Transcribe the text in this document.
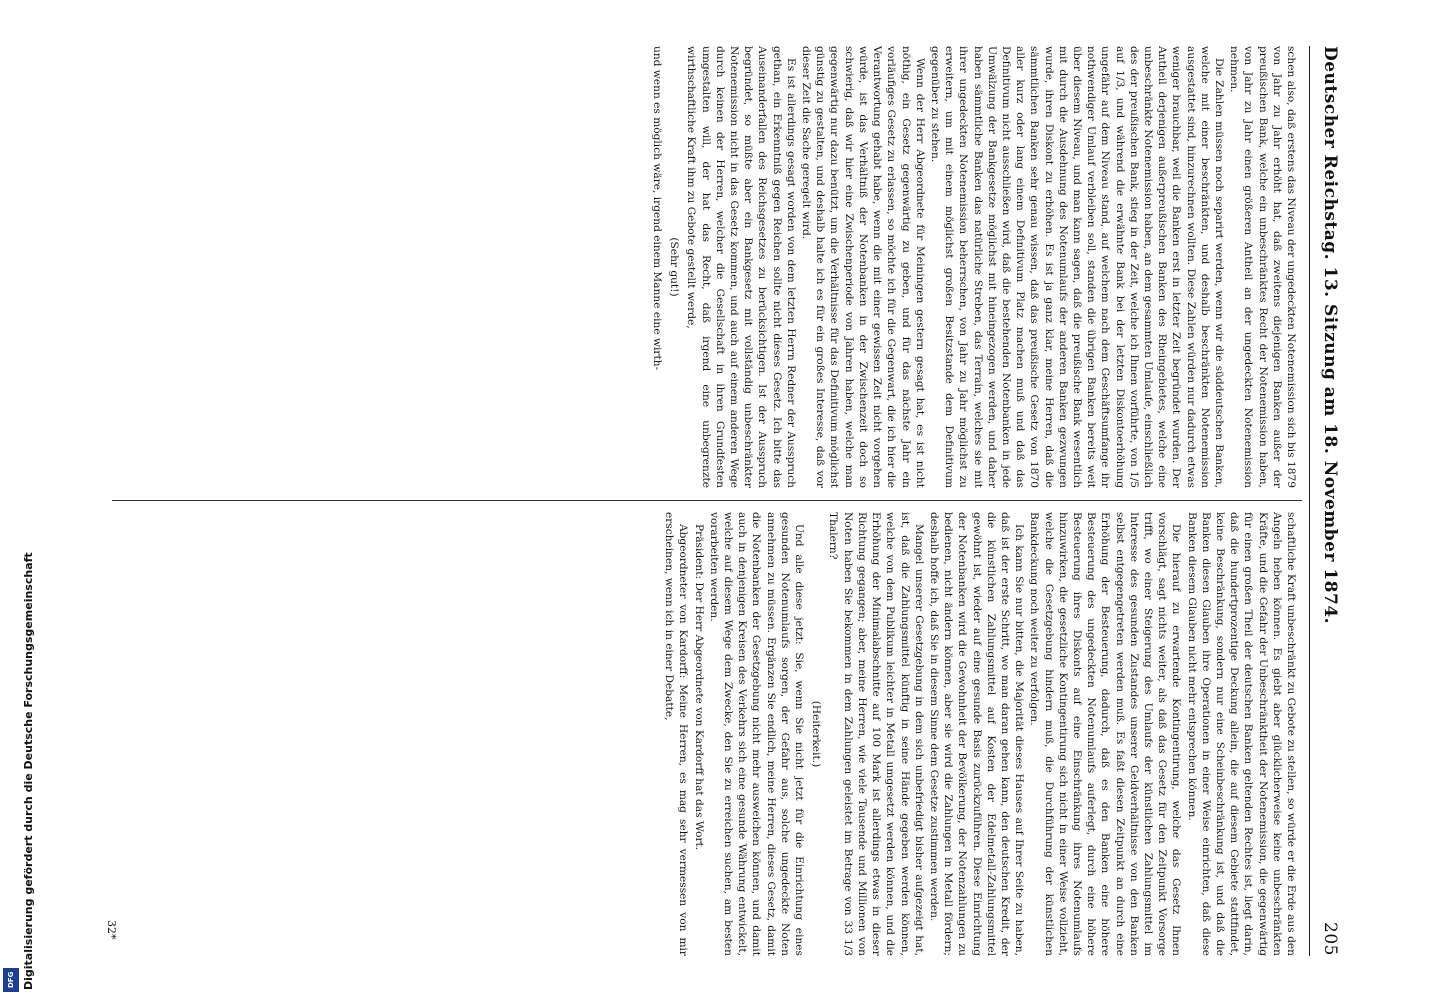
Deutscher Reichstag. 13. Sitzung am 18. November 1874.
205

schen also, daß erstens das Niveau der ungedeckten Notenemission sich bis 1879 von Jahr zu Jahr erhöht hat, daß zweitens diejenigen Banken außer der preußischen Bank, welche ein unbeschränktes Recht der Notenemission haben, von Jahr zu Jahr einen größeren Antheil an der ungedeckten Notenemission nehmen.

Die Zahlen müssen noch separirt werden, wenn wir die süddeutschen Banken, welche mit einer beschränkten, und deshalb beschränkten Notenemission ausgestattet sind, hinzurechnen wollten. Diese Zahlen würden nur dadurch etwas weniger brauchbar, weil die Banken erst in letzter Zeit begründet wurden. Der Antheil derjenigen außerpreußischen Banken des Rheingebietes, welche eine unbeschränkte Notenemission haben, an dem gesammten Umlaufe, einschließlich des der preußischen Bank, stieg in der Zeit, welche ich Ihnen vorführte, von 1/5 auf 1/3, und während die erwähnte Bank bei der letzten Diskontoerhöhung ungefähr auf dem Niveau stand, auf welchem nach dem Geschäftsumfange ihr nothwendiger Umlauf verbleiben soll, standen die übrigen Banken bereits weit über diesem Niveau, und man kann sagen, daß die preußische Bank wesentlich mit durch die Ausdehnung des Notenumlaufs der anderen Banken gezwungen wurde, ihren Diskont zu erhöhen. Es ist ja ganz klar, meine Herren, daß die sämmtlichen Banken sehr genau wissen, daß das preußische Gesetz von 1870 aller kurz oder lang einem Definitivum Platz machen muß und daß das Definitivum nicht ausschließen wird, daß die bestehenden Notenbanken in jede Umwälzung der Bankgesetze möglichst mit hineingezogen werden, und daher haben sämmtliche Banken das natürliche Streben, das Terrain, welches sie mit ihrer ungedeckten Notenemission beherrschen, von Jahr zu Jahr möglichst zu erweitern, um mit einem möglichst großen Besitzstande dem Definitivum gegenüber zu stehen.

Wenn der Herr Abgeordnete für Meiningen gestern gesagt hat, es ist nicht nöthig, ein Gesetz gegenwärtig zu geben, und für das nächste Jahr ein vorläufiges Gesetz zu erlassen, so möchte ich für die Gegenwart, die ich hier die Verantwortung gehabt habe, wenn die mit einer gewissen Zeit nicht vorgehen würde, ist das Verhältniß der Notenbanken in der Zwischenzeit doch so schwierig, daß wir hier eine Zwischenperiode von Jahren haben, welche man gegenwärtig nur dazu benützt, um die Verhältnisse für das Definitivum möglichst günstig zu gestalten, und deshalb halte ich es für ein großes Interesse, daß vor dieser Zeit die Sache geregelt wird.

Es ist allerdings gesagt worden von dem letzten Herrn Redner der Ausspruch gethan, ein Erkenntniß gegen Reichen sollte nicht dieses Gesetz. Ich bitte das Auseinanderfallen des Reichsgesetzes zu berücksichtigen. Ist der Ausspruch begründet, so müßte aber ein Bankgesetz mit vollständig unbeschränkter Notenemission nicht in das Gesetz kommen, und auch auf einem anderen Wege durch keinen der Herren, welcher die Gesellschaft in ihren Grundfesten umgestalten will, der hat das Recht, daß irgend eine unbegrenzte wirthschaftliche Kraft ihm zu Gebote gestellt werde,

(Sehr gut!)

und wenn es möglich wäre, irgend einem Manne eine wirth-

schaftliche Kraft unbeschränkt zu Gebote zu stellen, so würde er die Erde aus den Angeln heben können. Es giebt aber glücklicherweise keine unbeschränkten Kräfte, und die Gefahr der Unbeschränktheit der Notenemission, die gegenwärtig für einen großen Theil der deutschen Banken geltenden Rechtes ist, liegt darin, daß die hundertprozentige Deckung allein, die auf diesem Gebiete stattfindet, keine Beschränkung, sondern nur eine Scheinbeschränkung ist, und daß die Banken diesen Glauben ihre Operationen in einer Weise einrichten, daß diese Banken diesem Glauben nicht mehr entsprechen können.

Die hierauf zu erwartende Kontingentirung, welche das Gesetz Ihnen vorschlägt, sagt nichts weiter, als daß das Gesetz für den Zeitpunkt Vorsorge trifft, wo einer Steigerung des Umlaufs der künstlichen Zahlungsmittel im Interesse des gesunden Zustandes unserer Geldverhältnisse von den Banken selbst entgegengetreten werden muß. Es faßt diesen Zeitpunkt an durch eine Erhöhung der Besteuerung, dadurch, daß es den Banken eine höhere Besteuerung des ungedeckten Notenumlaufs auferlegt, durch eine höhere Besteuerung ihres Diskonts auf eine Einschränkung ihres Notenumlaufs hinzuwirken, die gesetzliche Kontingentirung sich nicht in einer Weise vollzieht, welche die Gesetzgebung hindern muß, die Durchführung der künstlichen Bankdeckung noch weiter zu verfolgen.

Ich kann Sie nur bitten, die Majorität dieses Hauses auf Ihrer Seite zu haben, daß ist der erste Schritt, wo man daran gehen kann, den deutschen Kredit, der die künstlichen Zahlungsmittel auf Kosten der Edelmetall-Zahlungsmittel gewöhnt ist, wieder auf eine gesunde Basis zurückzuführen. Diese Einrichtung der Notenbanken wird die Gewohnheit der Bevölkerung, der Notenzahlungen zu bedienen, nicht ändern können, aber sie wird die Zahlungen in Metall fördern; deshalb hoffe ich, daß Sie in diesem Sinne dem Gesetze zustimmen werden.

Mangel unserer Gesetzgebung in dem sich unbefriedigt bisher aufgezeigt hat, ist, daß die Zahlungsmittel künftig in seine Hände gegeben werden können, welche von dem Publikum leichter in Metall umgesetzt werden können, und die Erhöhung der Minimalabschnitte auf 100 Mark ist allerdings etwas in dieser Richtung gegangen; aber, meine Herren, wie viele Tausende und Millionen von Noten haben Sie bekommen in dem Zahlungen geleistet im Betrage von 33 1/3 Thalern?

(Heiterkeit.)

Und alle diese jetzt: Sie, wenn Sie nicht jetzt für die Einrichtung eines gesunden Notenumlaufs sorgen, der Gefahr aus, solche ungedeckte Noten annehmen zu müssen. Ergänzen Sie endlich, meine Herren, dieses Gesetz, damit die Notenbanken der Gesetzgebung nicht mehr ausweichen können, und damit auch in denjenigen Kreisen des Verkehrs sich eine gesunde Währung entwickelt, welche auf diesem Wege dem Zwecke, den Sie zu erreichen suchen, am besten vorarbeiten werden.

Präsident: Der Herr Abgeordnete von Kardorff hat das Wort.

Abgeordneter von Kardorff: Meine Herren, es mag sehr vermessen von mir erscheinen, wenn ich in einer Debatte,

32*
Digitalisierung gefördert durch die Deutsche Forschungsgemeinschaft
DFG
